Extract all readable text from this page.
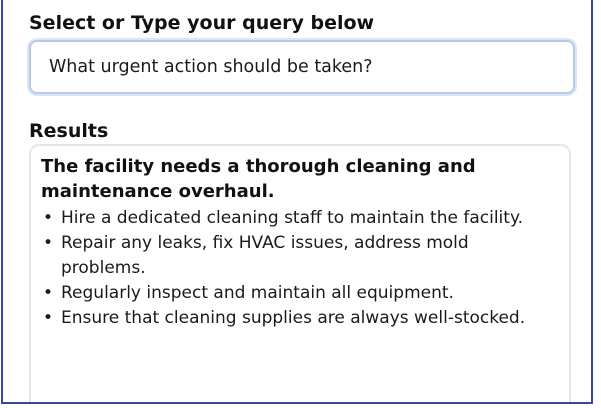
Select or Type your query below
What urgent action should be taken?
Results
The facility needs a thorough cleaning and maintenance overhaul.
• Hire a dedicated cleaning staff to maintain the facility.
• Repair any leaks, fix HVAC issues, address mold problems.
• Regularly inspect and maintain all equipment.
• Ensure that cleaning supplies are always well-stocked.
